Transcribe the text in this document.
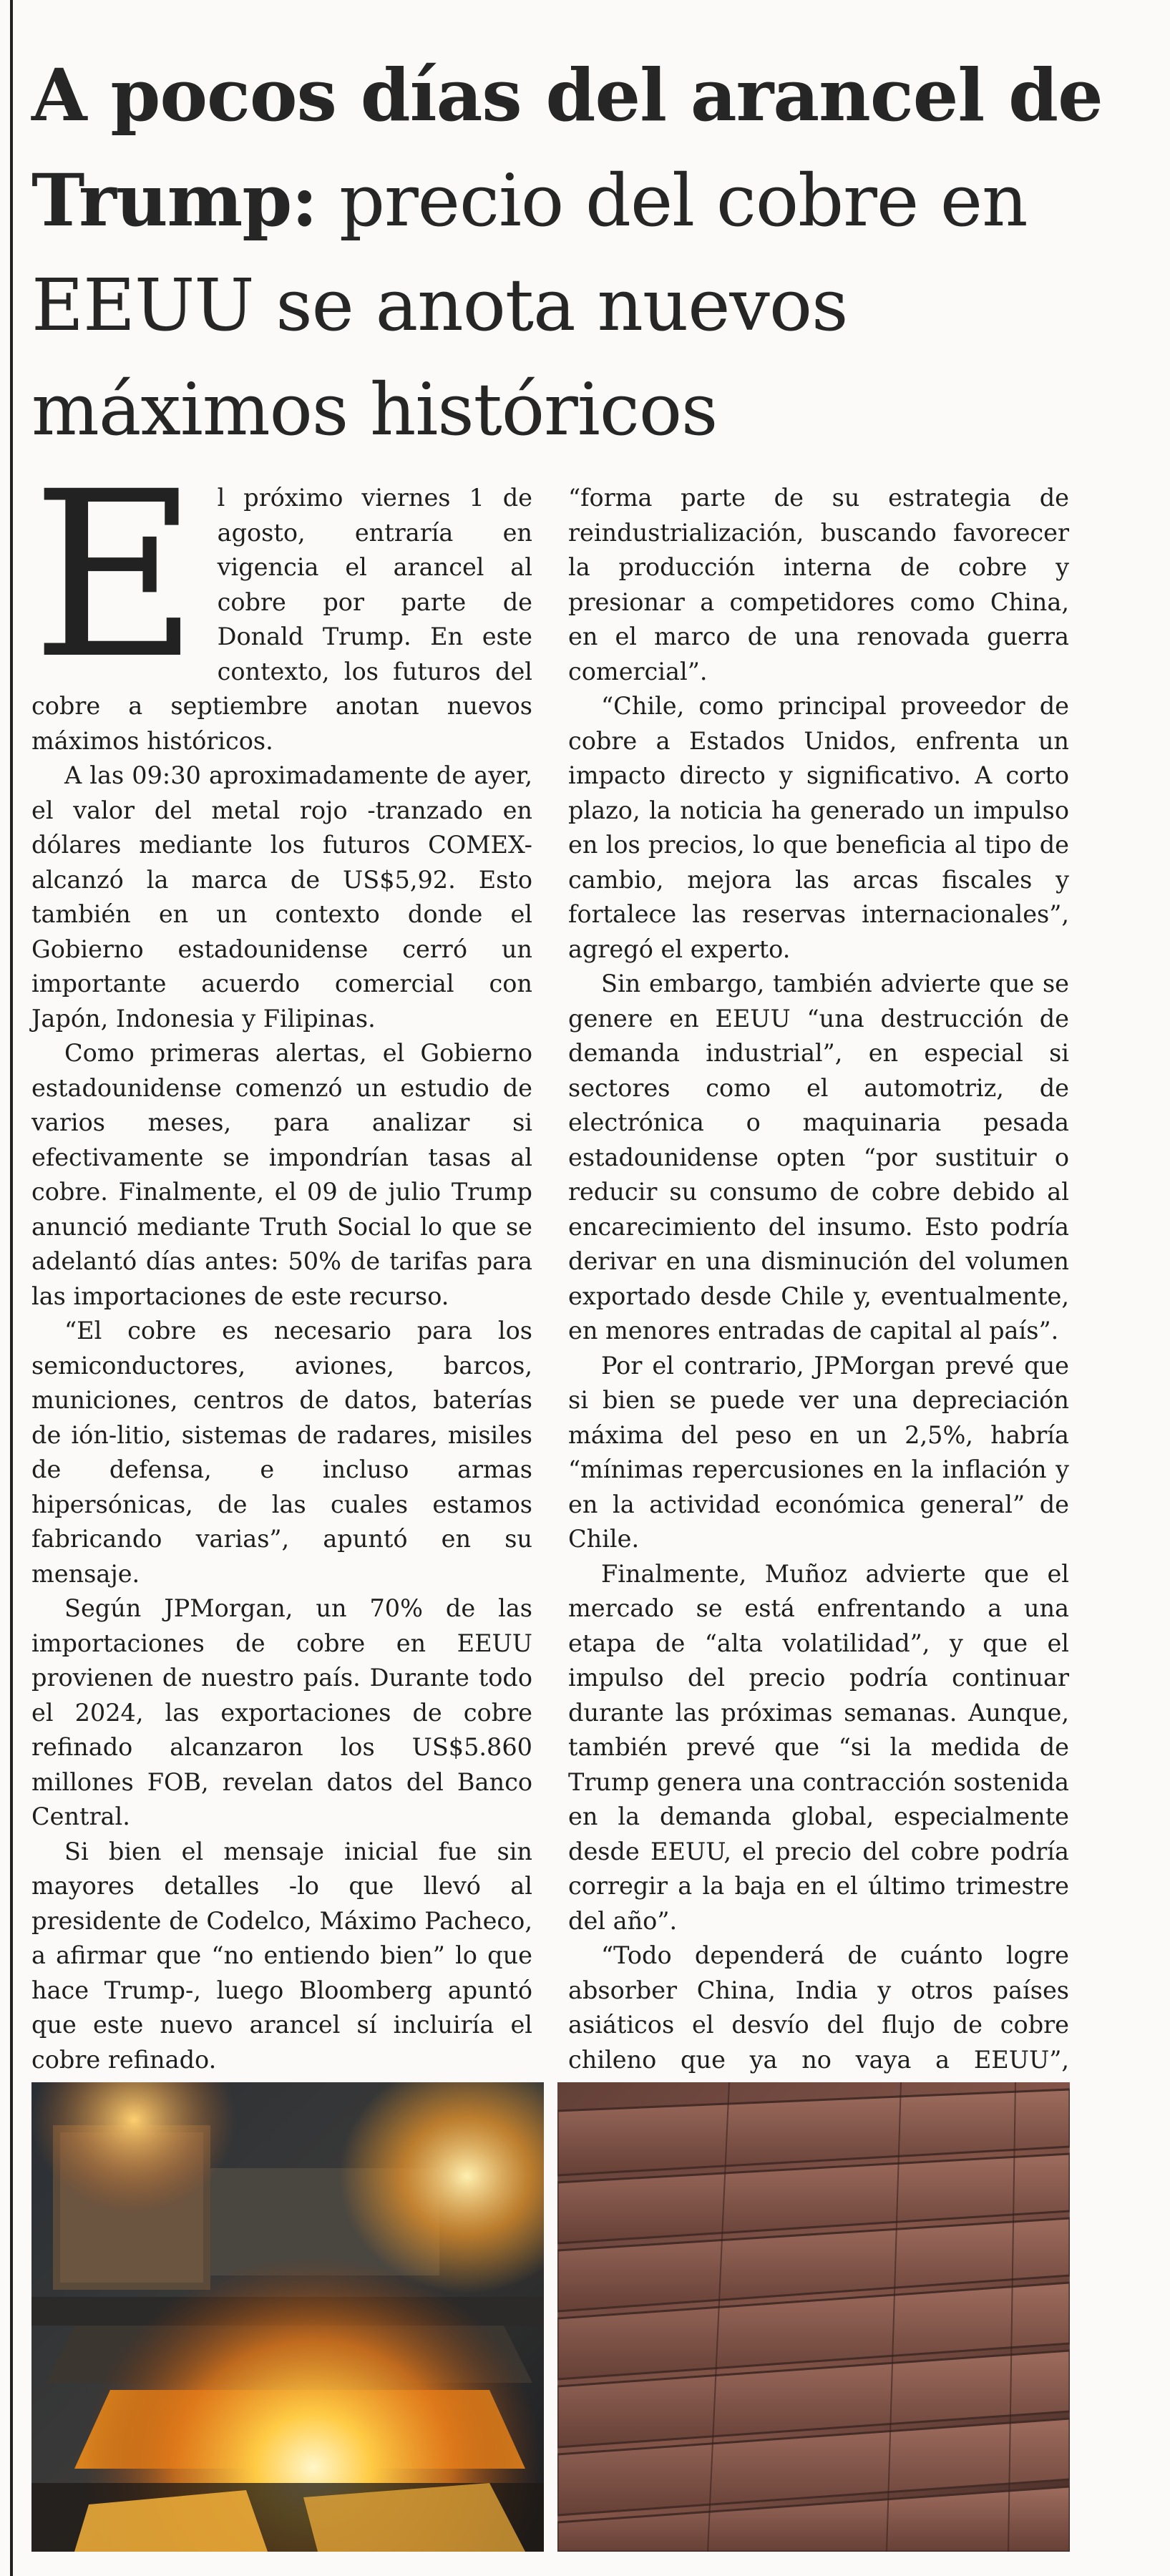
A pocos días del arancel de Trump: precio del cobre en EEUU se anota nuevos máximos históricos

El próximo viernes 1 de agosto, entraría en vigencia el arancel al cobre por parte de Donald Trump. En este contexto, los futuros del cobre a septiembre anotan nuevos máximos históricos.

A las 09:30 aproximadamente de ayer, el valor del metal rojo -tranzado en dólares mediante los futuros COMEX- alcanzó la marca de US$5,92. Esto también en un contexto donde el Gobierno estadounidense cerró un importante acuerdo comercial con Japón, Indonesia y Filipinas.

Como primeras alertas, el Gobierno estadounidense comenzó un estudio de varios meses, para analizar si efectivamente se impondrían tasas al cobre. Finalmente, el 09 de julio Trump anunció mediante Truth Social lo que se adelantó días antes: 50% de tarifas para las importaciones de este recurso.

“El cobre es necesario para los semiconductores, aviones, barcos, municiones, centros de datos, baterías de ión-litio, sistemas de radares, misiles de defensa, e incluso armas hipersónicas, de las cuales estamos fabricando varias”, apuntó en su mensaje.

Según JPMorgan, un 70% de las importaciones de cobre en EEUU provienen de nuestro país. Durante todo el 2024, las exportaciones de cobre refinado alcanzaron los US$5.860 millones FOB, revelan datos del Banco Central.

Si bien el mensaje inicial fue sin mayores detalles -lo que llevó al presidente de Codelco, Máximo Pacheco, a afirmar que “no entiendo bien” lo que hace Trump-, luego Bloomberg apuntó que este nuevo arancel sí incluiría el cobre refinado.

“forma parte de su estrategia de reindustrialización, buscando favorecer la producción interna de cobre y presionar a competidores como China, en el marco de una renovada guerra comercial”.

“Chile, como principal proveedor de cobre a Estados Unidos, enfrenta un impacto directo y significativo. A corto plazo, la noticia ha generado un impulso en los precios, lo que beneficia al tipo de cambio, mejora las arcas fiscales y fortalece las reservas internacionales”, agregó el experto.

Sin embargo, también advierte que se genere en EEUU “una destrucción de demanda industrial”, en especial si sectores como el automotriz, de electrónica o maquinaria pesada estadounidense opten “por sustituir o reducir su consumo de cobre debido al encarecimiento del insumo. Esto podría derivar en una disminución del volumen exportado desde Chile y, eventualmente, en menores entradas de capital al país”.

Por el contrario, JPMorgan prevé que si bien se puede ver una depreciación máxima del peso en un 2,5%, habría “mínimas repercusiones en la inflación y en la actividad económica general” de Chile.

Finalmente, Muñoz advierte que el mercado se está enfrentando a una etapa de “alta volatilidad”, y que el impulso del precio podría continuar durante las próximas semanas. Aunque, también prevé que “si la medida de Trump genera una contracción sostenida en la demanda global, especialmente desde EEUU, el precio del cobre podría corregir a la baja en el último trimestre del año”.

“Todo dependerá de cuánto logre absorber China, India y otros países asiáticos el desvío del flujo de cobre chileno que ya no vaya a EEUU”,
